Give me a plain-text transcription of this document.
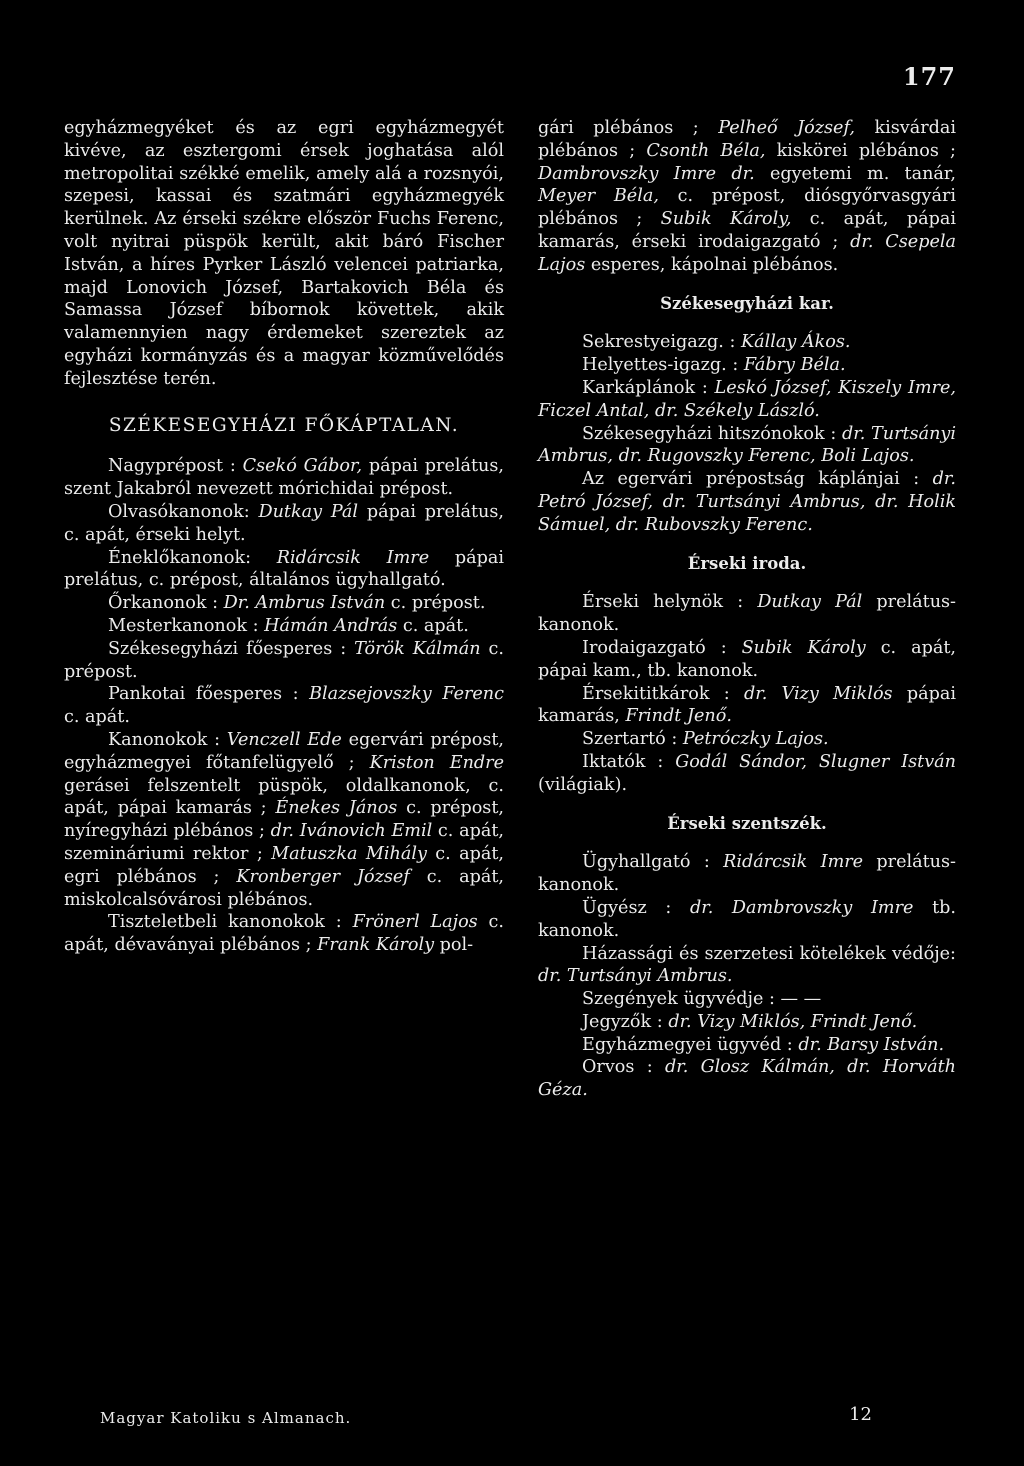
177

egyházmegyéket és az egri egyházmegyét kivéve, az esztergomi érsek joghatása alól metropolitai székké emelik, amely alá a rozsnyói, szepesi, kassai és szatmári egyházmegyék kerülnek. Az érseki székre először Fuchs Ferenc, volt nyitrai püspök került, akit báró Fischer István, a híres Pyrker László velencei patriarka, majd Lonovich József, Bartakovich Béla és Samassa József bíbornok követtek, akik valamennyien nagy érdemeket szereztek az egyházi kormányzás és a magyar közművelődés fejlesztése terén.

SZÉKESEGYHÁZI FŐKÁPTALAN.

Nagyprépost : Csekó Gábor, pápai prelátus, szent Jakabról nevezett mórichidai prépost.

Olvasókanonok: Dutkay Pál pápai prelátus, c. apát, érseki helyt.

Éneklőkanonok: Ridárcsik Imre pápai prelátus, c. prépost, általános ügyhallgató.

Őrkanonok : Dr. Ambrus István c. prépost.

Mesterkanonok : Hámán András c. apát.

Székesegyházi főesperes : Török Kálmán c. prépost.

Pankotai főesperes : Blazsejovszky Ferenc c. apát.

Kanonokok : Venczell Ede egervári prépost, egyházmegyei főtanfelügyelő ; Kriston Endre gerásei felszentelt püspök, oldalkanonok, c. apát, pápai kamarás ; Énekes János c. prépost, nyíregyházi plébános ; dr. Ivánovich Emil c. apát, szemináriumi rektor ; Matuszka Mihály c. apát, egri plébános ; Kronberger József c. apát, miskolcalsóvárosi plébános.

Tiszteletbeli kanonokok : Frönerl Lajos c. apát, dévaványai plébános ; Frank Károly pol-

gári plébános ; Pelheő József, kisvárdai plébános ; Csonth Béla, kiskörei plébános ; Dambrovszky Imre dr. egyetemi m. tanár, Meyer Béla, c. prépost, diósgyőrvasgyári plébános ; Subik Károly, c. apát, pápai kamarás, érseki irodaigazgató ; dr. Csepela Lajos esperes, kápolnai plébános.

Székesegyházi kar.

Sekrestyeigazg. : Kállay Ákos.

Helyettes-igazg. : Fábry Béla.

Karkáplánok : Leskó József, Kiszely Imre, Ficzel Antal, dr. Székely László.

Székesegyházi hitszónokok : dr. Turtsányi Ambrus, dr. Rugovszky Ferenc, Boli Lajos.

Az egervári prépostság káplánjai : dr. Petró József, dr. Turtsányi Ambrus, dr. Holik Sámuel, dr. Rubovszky Ferenc.

Érseki iroda.

Érseki helynök : Dutkay Pál prelátus-kanonok.

Irodaigazgató : Subik Károly c. apát, pápai kam., tb. kanonok.

Érsekititkárok : dr. Vizy Miklós pápai kamarás, Frindt Jenő.

Szertartó : Petróczky Lajos.

Iktatók : Godál Sándor, Slugner István (világiak).

Érseki szentszék.

Ügyhallgató : Ridárcsik Imre prelátus-kanonok.

Ügyész : dr. Dambrovszky Imre tb. kanonok.

Házassági és szerzetesi kötelékek védője: dr. Turtsányi Ambrus.

Szegények ügyvédje : — —

Jegyzők : dr. Vizy Miklós, Frindt Jenő.

Egyházmegyei ügyvéd : dr. Barsy István.

Orvos : dr. Glosz Kálmán, dr. Horváth Géza.

Magyar Katoliku s Almanach.	12
